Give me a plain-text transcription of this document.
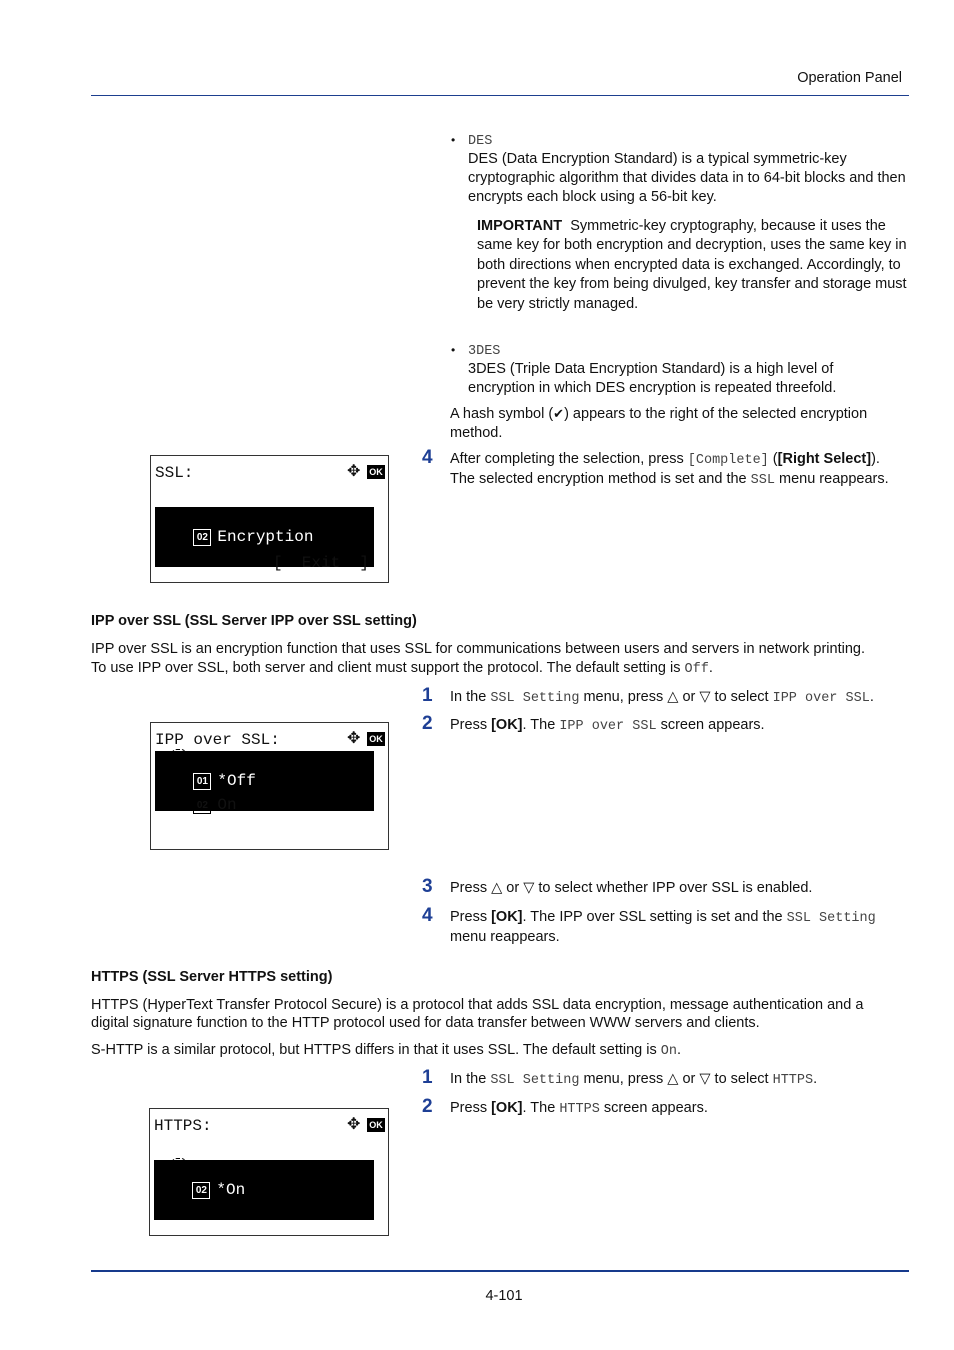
Operation Panel
• DES
DES (Data Encryption Standard) is a typical symmetric-key cryptographic algorithm that divides data in to 64-bit blocks and then encrypts each block using a 56-bit key.
IMPORTANT Symmetric-key cryptography, because it uses the same key for both encryption and decryption, uses the same key in both directions when encrypted data is exchanged. Accordingly, to prevent the key from being divulged, key transfer and storage must be very strictly managed.
• 3DES
3DES (Triple Data Encryption Standard) is a high level of encryption in which DES encryption is repeated threefold.
A hash symbol (✔) appears to the right of the selected encryption method.
4 After completing the selection, press [Complete] ([Right Select]).
The selected encryption method is set and the SSL menu reappears.
SSL:	✥ OK

02 Encryption

[  Exit  ]
IPP over SSL (SSL Server IPP over SSL setting)
IPP over SSL is an encryption function that uses SSL for communications between users and servers in network printing.
To use IPP over SSL, both server and client must support the protocol. The default setting is Off.
1 In the SSL Setting menu, press △ or ▽ to select IPP over SSL.
2 Press [OK]. The IPP over SSL screen appears.
IPP over SSL:	✥ OK

01 *Off

02 On

3 Press △ or ▽ to select whether IPP over SSL is enabled.
4 Press [OK]. The IPP over SSL setting is set and the SSL Setting
menu reappears.
HTTPS (SSL Server HTTPS setting)
HTTPS (HyperText Transfer Protocol Secure) is a protocol that adds SSL data encryption, message authentication and a
digital signature function to the HTTP protocol used for data transfer between WWW servers and clients.
S-HTTP is a similar protocol, but HTTPS differs in that it uses SSL. The default setting is On.
1 In the SSL Setting menu, press △ or ▽ to select HTTPS.
2 Press [OK]. The HTTPS screen appears.
HTTPS:	✥ OK

02 *On

4-101
